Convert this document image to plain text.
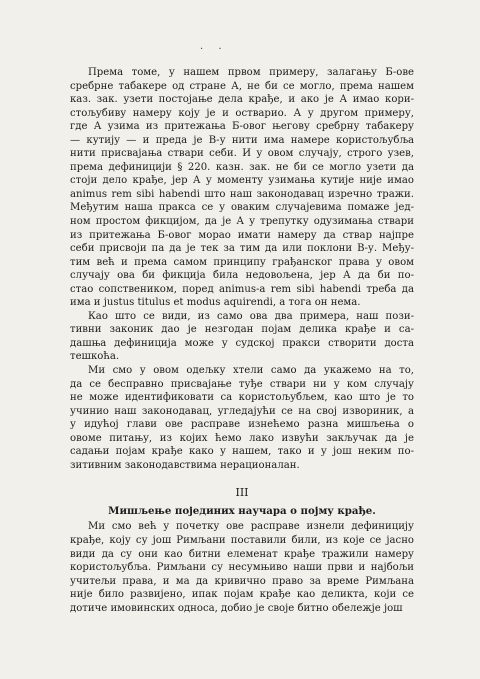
· ·
Према томе, у нашем првом примеру, залагању Б-ове
сребрне табакере од стране А, не би се могло, према нашем
каз. зак. узети постојање дела крађе, и ако је А имао кори-
стољубиву намеру коју је и остварио. А у другом примеру,
где А узима из притежања Б-овог његову сребрну табакеру
— кутију — и преда је В-у нити има намере користољубља
нити присвајања ствари себи. И у овом случају, строго узев,
према дефиницији § 220. казн. зак. не би се могло узети да
стоји дело крађе, јер А у моменту узимања кутије није имао
animus rem sibi habendi што наш законодавац изречно тражи.
Међутим наша пракса се у оваким случајевима помаже јед-
ном простом фикцијом, да је А у трепутку одузимања ствари
из притежања Б-овог морао имати намеру да ствар најпре
себи присвоји па да је тек за тим да или поклони В-у. Међу-
тим већ и према самом принципу грађанског права у овом
случају ова би фикција била недовољена, јер А да би по-
стао сопствеником, поред animus-a rem sibi habendi треба да
има и justus titulus et modus aquirendi, а тога он нема.
Као што се види, из само ова два примера, наш пози-
тивни законик дао је незгодан појам делика крађе и са-
дашња дефиниција може у судској пракси створити доста
тешкоћа.
Ми смо у овом одељку хтели само да укажемо на то,
да се бесправно присвајање туђе ствари ни у ком случају
не може идентификовати са користољубљем, као што је то
учинио наш законодавац, угледајући се на свој извориник, а
у идућој глави ове расправе изнећемо разна мишљења о
овоме питању, из којих ћемо лако извући закључак да је
садањи појам крађе како у нашем, тако и у још неким по-
зитивним законодавствима нерационалан.
III
Мишљење појединих научара о појму крађе.
Ми смо већ у почетку ове расправе изнели дефиницију
крађе, коју су још Римљани поставили били, из које се јасно
види да су они као битни елеменат крађе тражили намеру
користољубља. Римљани су несумњиво наши први и најбољи
учитељи права, и ма да кривично право за време Римљана
није било развијено, ипак појам крађе као деликта, који се
дотиче имовинских односа, добио је своје битно обележје још
